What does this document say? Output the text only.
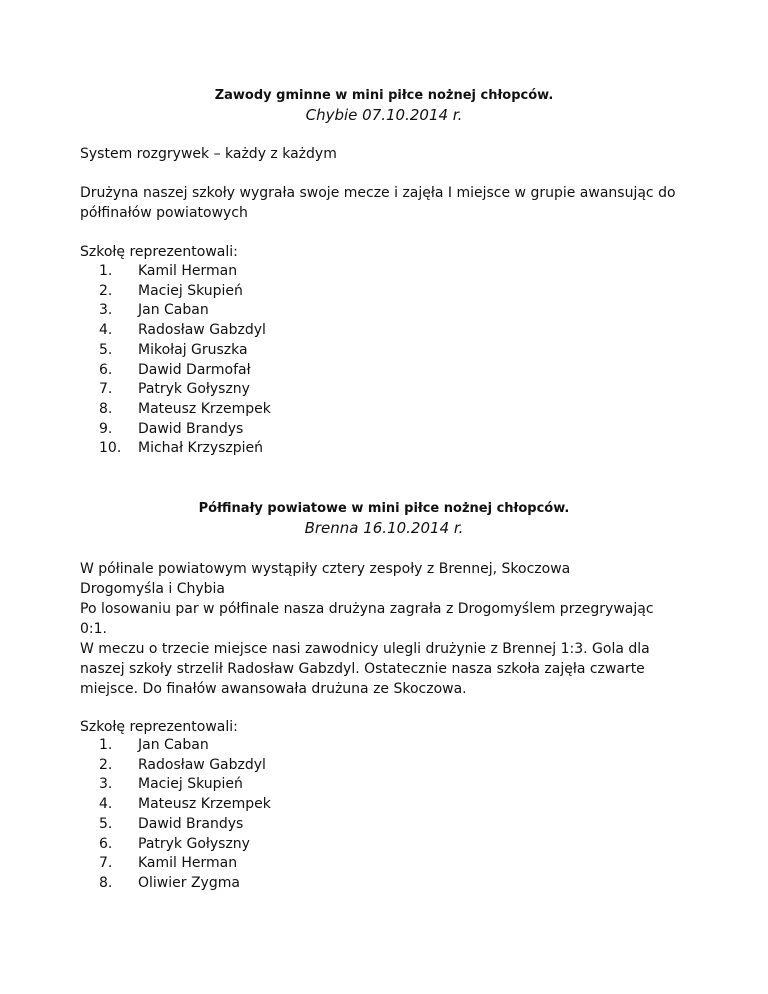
Zawody gminne w mini piłce nożnej chłopców.
Chybie 07.10.2014 r.

System rozgrywek – każdy z każdym

Drużyna naszej szkoły wygrała swoje mecze i zajęła I miejsce w grupie awansując do półfinałów powiatowych

Szkołę reprezentowali:

1.	Kamil Herman
2.	Maciej Skupień
3.	Jan Caban
4.	Radosław Gabzdyl
5.	Mikołaj Gruszka
6.	Dawid Darmofał
7.	Patryk Gołyszny
8.	Mateusz Krzempek
9.	Dawid Brandys
10.	Michał Krzyszpień
Półfinały powiatowe w mini piłce nożnej chłopców.
Brenna 16.10.2014 r.

W półinale powiatowym wystąpiły cztery zespoły z Brennej, Skoczowa
Drogomyśla i Chybia
Po losowaniu par w półfinale nasza drużyna zagrała z Drogomyślem przegrywając
0:1.

W meczu o trzecie miejsce nasi zawodnicy ulegli drużynie z Brennej 1:3. Gola dla
naszej szkoły strzelił Radosław Gabzdyl. Ostatecznie nasza szkoła zajęła czwarte
miejsce. Do finałów awansowała drużuna ze Skoczowa.

Szkołę reprezentowali:

1.	Jan Caban
2.	Radosław Gabzdyl
3.	Maciej Skupień
4.	Mateusz Krzempek
5.	Dawid Brandys
6.	Patryk Gołyszny
7.	Kamil Herman
8.	Oliwier Zygma
